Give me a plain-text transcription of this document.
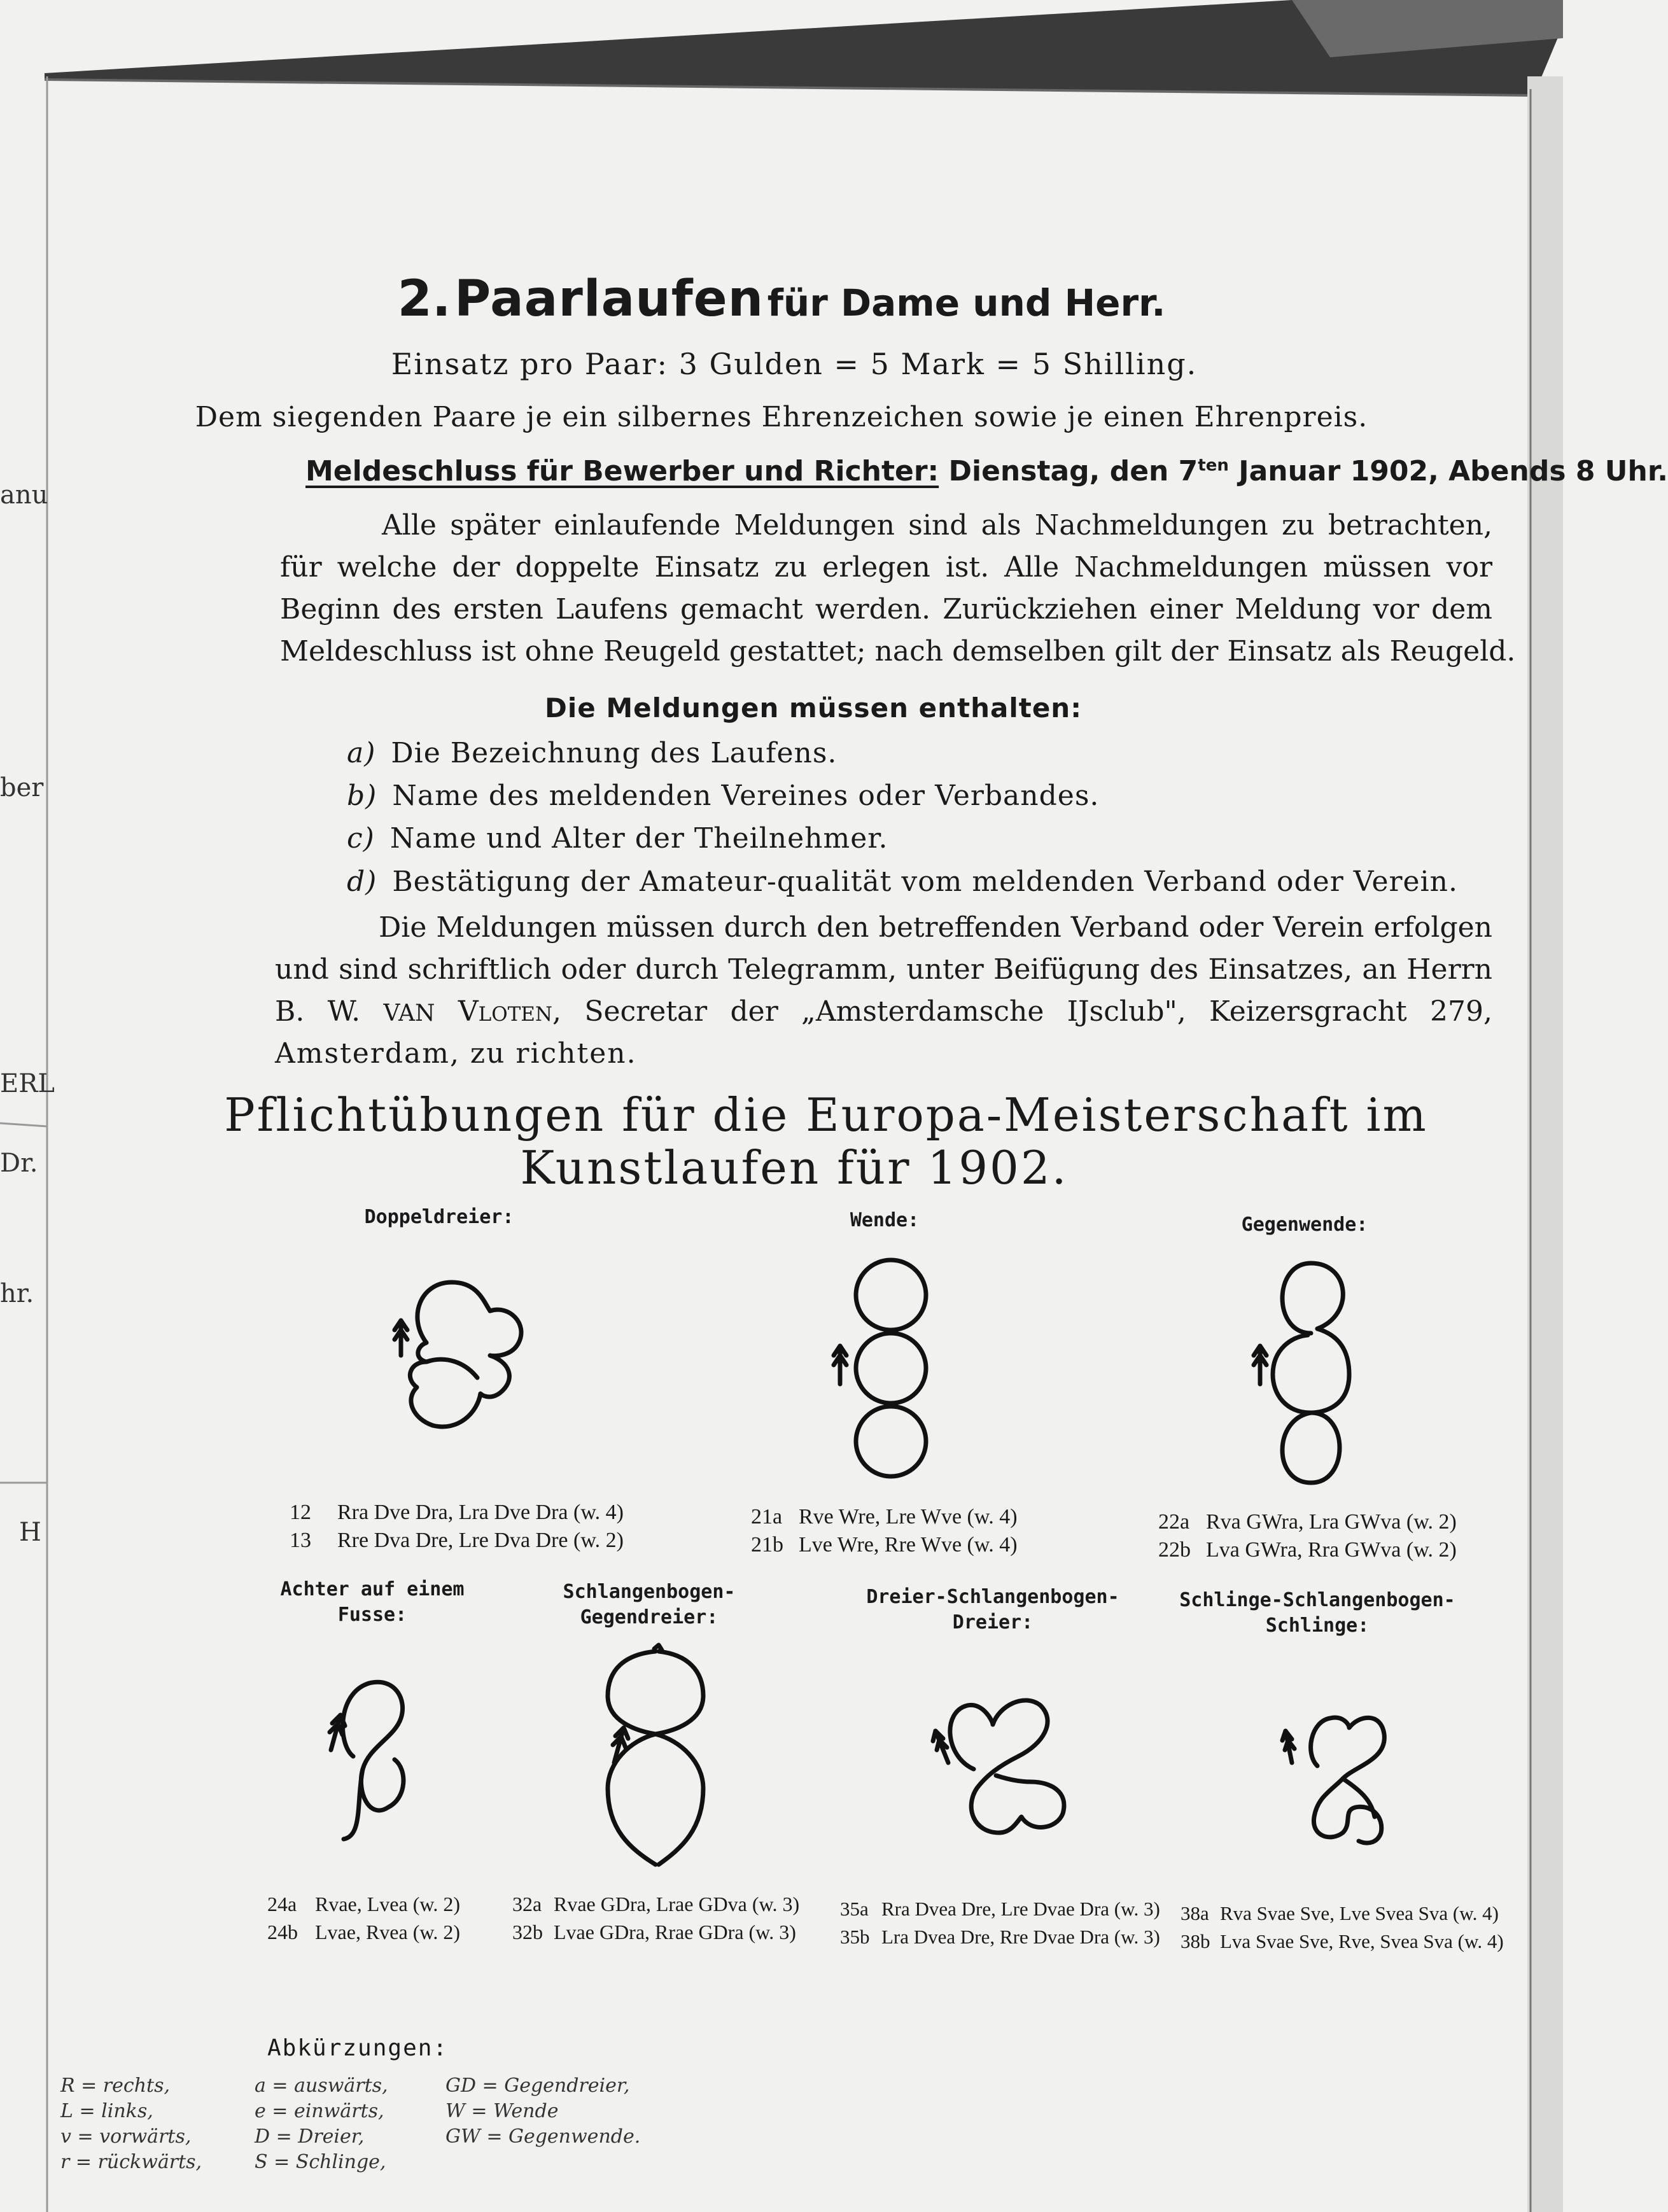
anu
ber
ERL
Dr.
hr.
H
2. Paarlaufen für Dame und Herr.
Einsatz pro Paar: 3 Gulden = 5 Mark = 5 Shilling.
Dem siegenden Paare je ein silbernes Ehrenzeichen sowie je einen Ehrenpreis.
Meldeschluss für Bewerber und Richter: Dienstag, den $7^{ten}$ Januar 1902, Abends 8 Uhr.
Alle später einlaufende Meldungen sind als Nachmeldungen zu betrachten,
für welche der doppelte Einsatz zu erlegen ist. Alle Nachmeldungen müssen vor
Beginn des ersten Laufens gemacht werden. Zurückziehen einer Meldung vor dem
Meldeschluss ist ohne Reugeld gestattet; nach demselben gilt der Einsatz als Reugeld.
Die Meldungen müssen enthalten:
a) Die Bezeichnung des Laufens.
b) Name des meldenden Vereines oder Verbandes.
c) Name und Alter der Theilnehmer.
d) Bestätigung der Amateur-qualität vom meldenden Verband oder Verein.
Die Meldungen müssen durch den betreffenden Verband oder Verein erfolgen
und sind schriftlich oder durch Telegramm, unter Beifügung des Einsatzes, an Herrn
B. W. VAN Vloten, Secretar der „Amsterdamsche IJsclub", Keizersgracht 279,
Amsterdam, zu richten.
Pflichtübungen für die Europa-Meisterschaft im
Kunstlaufen für 1902.
Doppeldreier:	Wende:	Gegenwende:
12 Rra Dve Dra, Lra Dve Dra (w. 4)
13 Rre Dva Dre, Lre Dva Dre (w. 2)
21a Rve Wre, Lre Wve (w. 4)
21b Lve Wre, Rre Wve (w. 4)
22a Rva GWra, Lra GWva (w. 2)
22b Lva GWra, Rra GWva (w. 2)
Achter auf einem
Fusse:
Schlangenbogen-
Gegendreier:
Dreier-Schlangenbogen-
Dreier:
Schlinge-Schlangenbogen-
Schlinge:
24a Rvae, Lvea (w. 2)
24b Lvae, Rvea (w. 2)
32a Rvae GDra, Lrae GDva (w. 3)
32b Lvae GDra, Rrae GDra (w. 3)
35a Rra Dvea Dre, Lre Dvae Dra (w. 3)
35b Lra Dvea Dre, Rre Dvae Dra (w. 3)
38a Rva Svae Sve, Lve Svea Sva (w. 4)
38b Lva Svae Sve, Rve, Svea Sva (w. 4)
Abkürzungen:
R = rechts,
L = links,
v = vorwärts,
r = rückwärts,
a = auswärts,
e = einwärts,
D = Dreier,
S = Schlinge,
GD = Gegendreier,
W = Wende
GW = Gegenwende.
